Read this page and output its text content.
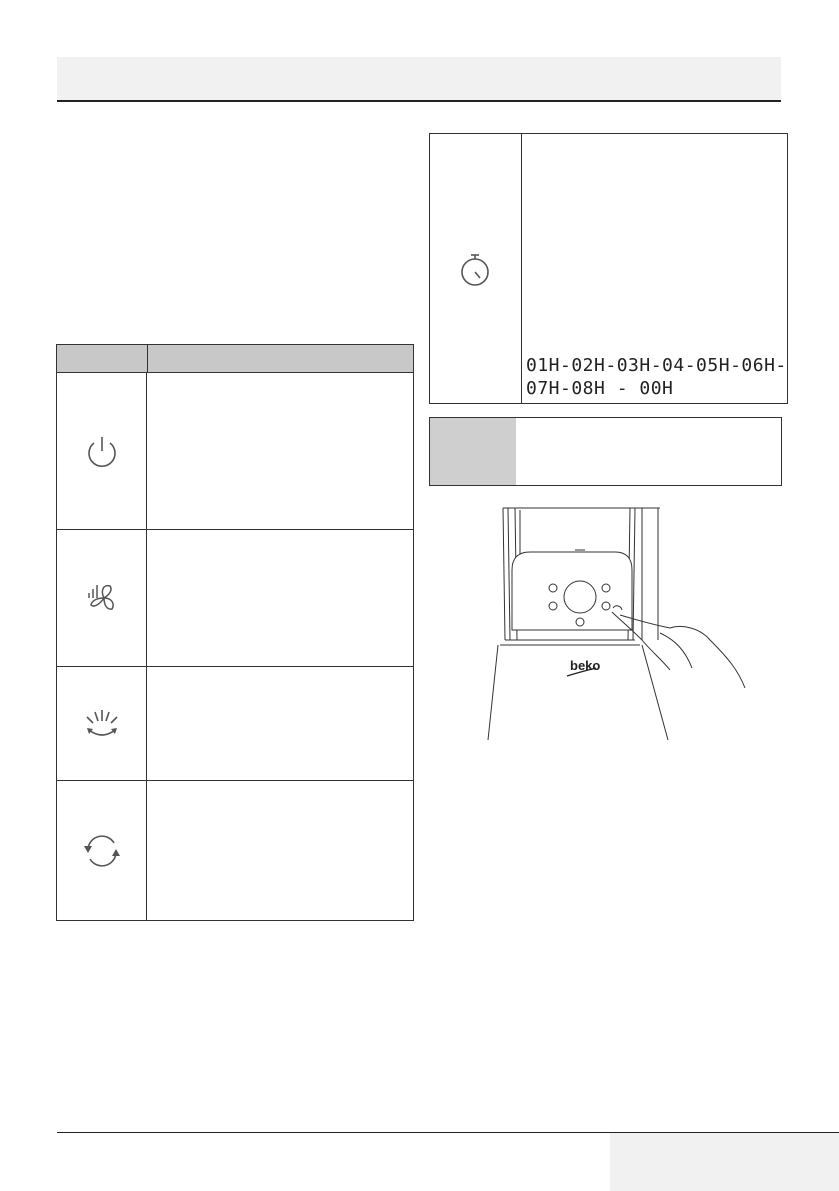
01H-02H-03H-04-05H-06H-
07H-08H - 00H
beko
